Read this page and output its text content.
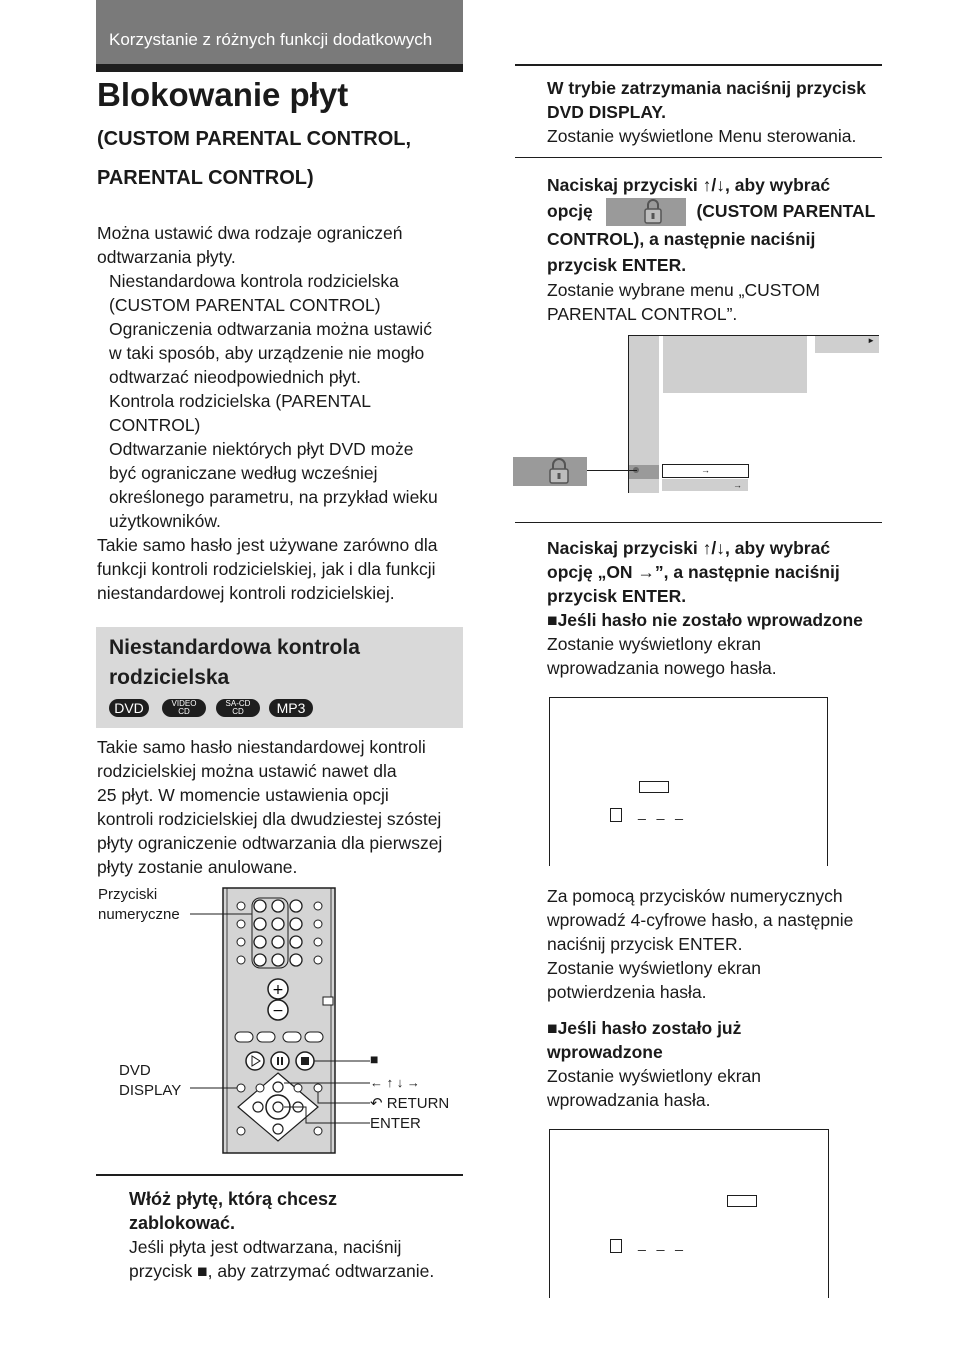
Korzystanie z różnych funkcji dodatkowych
Blokowanie płyt
(CUSTOM PARENTAL CONTROL,
PARENTAL CONTROL)
Można ustawić dwa rodzaje ograniczeń
odtwarzania płyty.
Niestandardowa kontrola rodzicielska
(CUSTOM PARENTAL CONTROL)
Ograniczenia odtwarzania można ustawić
w taki sposób, aby urządzenie nie mogło
odtwarzać nieodpowiednich płyt.
Kontrola rodzicielska (PARENTAL
CONTROL)
Odtwarzanie niektórych płyt DVD może
być ograniczane według wcześniej
określonego parametru, na przykład wieku
użytkowników.
Takie samo hasło jest używane zarówno dla
funkcji kontroli rodzicielskiej, jak i dla funkcji
niestandardowej kontroli rodzicielskiej.
Niestandardowa kontrola
rodzicielska
DVD	VIDEO
CD
SA-CD
CD	MP3
Takie samo hasło niestandardowej kontroli
rodzicielskiej można ustawić nawet dla
25 płyt. W momencie ustawienia opcji
kontroli rodzicielskiej dla dwudziestej szóstej
płyty ograniczenie odtwarzania dla pierwszej
płyty zostanie anulowane.
Przyciski
numeryczne
DVD
DISPLAY
■
← ↑ ↓ →
↶ RETURN
ENTER
+
−
Włóż płytę, którą chcesz
zablokować.
Jeśli płyta jest odtwarzana, naciśnij
przycisk ■, aby zatrzymać odtwarzanie.
W trybie zatrzymania naciśnij przycisk
DVD DISPLAY.
Zostanie wyświetlone Menu sterowania.
Naciskaj przyciski ↑/↓, aby wybrać
opcję	(CUSTOM PARENTAL
CONTROL), a następnie naciśnij
przycisk ENTER.
Zostanie wybrane menu „CUSTOM
PARENTAL CONTROL”.
►
→
→
Naciskaj przyciski ↑/↓, aby wybrać
opcję „ON →”, a następnie naciśnij
przycisk ENTER.
■Jeśli hasło nie zostało wprowadzone
Zostanie wyświetlony ekran
wprowadzania nowego hasła.
_  _  _
Za pomocą przycisków numerycznych
wprowadź 4-cyfrowe hasło, a następnie
naciśnij przycisk ENTER.
Zostanie wyświetlony ekran
potwierdzenia hasła.
■Jeśli hasło zostało już
wprowadzone
Zostanie wyświetlony ekran
wprowadzania hasła.
_  _  _
